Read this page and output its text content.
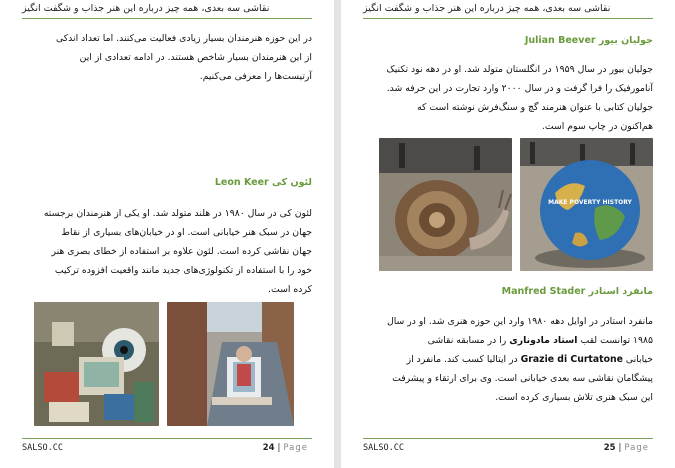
نقاشی سه بعدی، همه چیز درباره این هنر جذاب و شگفت انگیز
در این حوزه هنرمندان بسیار زیادی فعالیت می‌کنند. اما تعداد اندکی
از این هنرمندان بسیار شاخص هستند. در ادامه تعدادی از این
آرتیست‌ها را معرفی می‌کنیم.
لئون کی Leon Keer
لئون کی در سال ۱۹۸۰ در هلند متولد شد. او یکی از هنرمندان برجسته
جهان در سبک هنر خیابانی است. او در خیابان‌های بسیاری از نقاط
جهان نقاشی کرده است. لئون علاوه بر استفاده از خطای بصری هنر
خود را با استفاده از تکنولوژی‌های جدید مانند واقعیت افزوده ترکیب
کرده است.
SALSO.CC	24 | Page
نقاشی سه بعدی، همه چیز درباره این هنر جذاب و شگفت انگیز
جولیان بیور Julian Beever
جولیان بیور در سال ۱۹۵۹ در انگلستان متولد شد. او در دهه نود تکنیک
آنامورفیک را فرا گرفت و در سال ۲۰۰۰ وارد تجارت در این حرفه شد.
جولیان کتابی با عنوان هنرمند گچ و سنگ‌فرش نوشته است که
هم‌اکنون در چاپ سوم است.
MAKE POVERTY HISTORY
مانفرد استادر Manfred Stader
مانفرد استادر در اوایل دهه ۱۹۸۰ وارد این حوزه هنری شد. او در سال
۱۹۸۵ توانست لقب استاد مادوناری را در مسابقه نقاشی
خیابانی Grazie di Curtatone در ایتالیا کسب کند. مانفرد از
پیشگامان نقاشی سه بعدی خیابانی است. وی برای ارتقاء و پیشرفت
این سبک هنری تلاش بسیاری کرده است.
SALSO.CC	25 | Page
